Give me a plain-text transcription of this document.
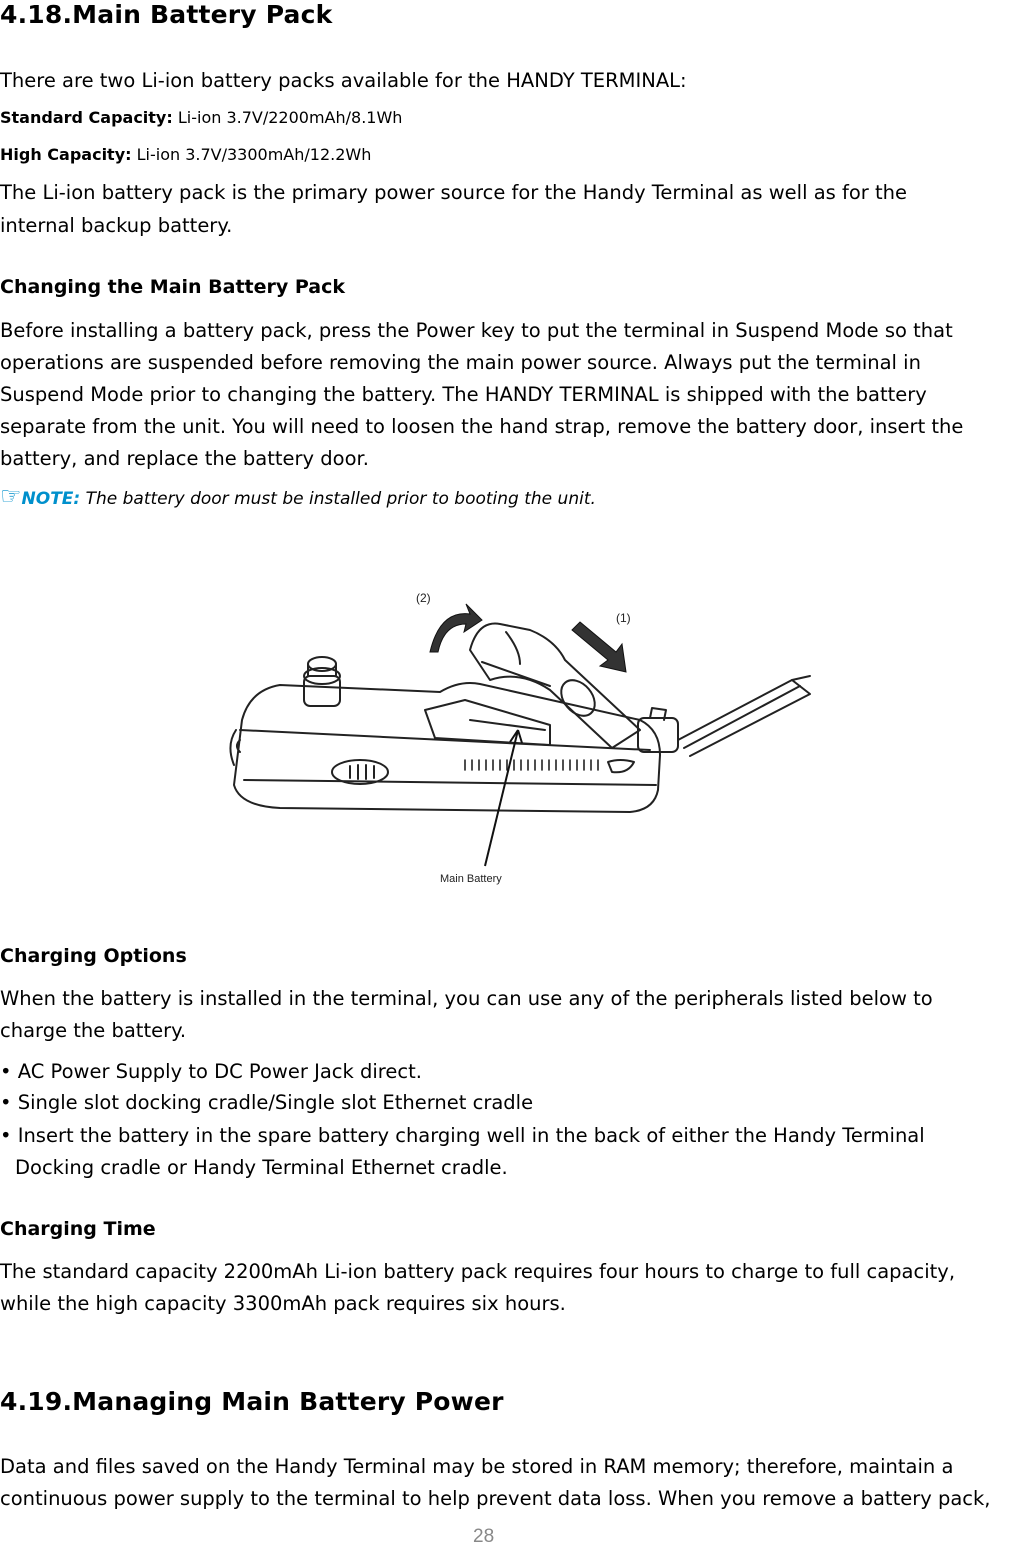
4.18.Main Battery Pack
There are two Li-ion battery packs available for the HANDY TERMINAL:
Standard Capacity: Li-ion 3.7V/2200mAh/8.1Wh
High Capacity: Li-ion 3.7V/3300mAh/12.2Wh
The Li-ion battery pack is the primary power source for the Handy Terminal as well as for the
internal backup battery.
Changing the Main Battery Pack
Before installing a battery pack, press the Power key to put the terminal in Suspend Mode so that
operations are suspended before removing the main power source. Always put the terminal in
Suspend Mode prior to changing the battery. The HANDY TERMINAL is shipped with the battery
separate from the unit. You will need to loosen the hand strap, remove the battery door, insert the
battery, and replace the battery door.
☞NOTE: The battery door must be installed prior to booting the unit.
(2)
(1)
Main Battery
Charging Options
When the battery is installed in the terminal, you can use any of the peripherals listed below to
charge the battery.
• AC Power Supply to DC Power Jack direct.
• Single slot docking cradle/Single slot Ethernet cradle
• Insert the battery in the spare battery charging well in the back of either the Handy Terminal
Docking cradle or Handy Terminal Ethernet cradle.
Charging Time
The standard capacity 2200mAh Li-ion battery pack requires four hours to charge to full capacity,
while the high capacity 3300mAh pack requires six hours.
4.19.Managing Main Battery Power
Data and files saved on the Handy Terminal may be stored in RAM memory; therefore, maintain a
continuous power supply to the terminal to help prevent data loss. When you remove a battery pack,
28
